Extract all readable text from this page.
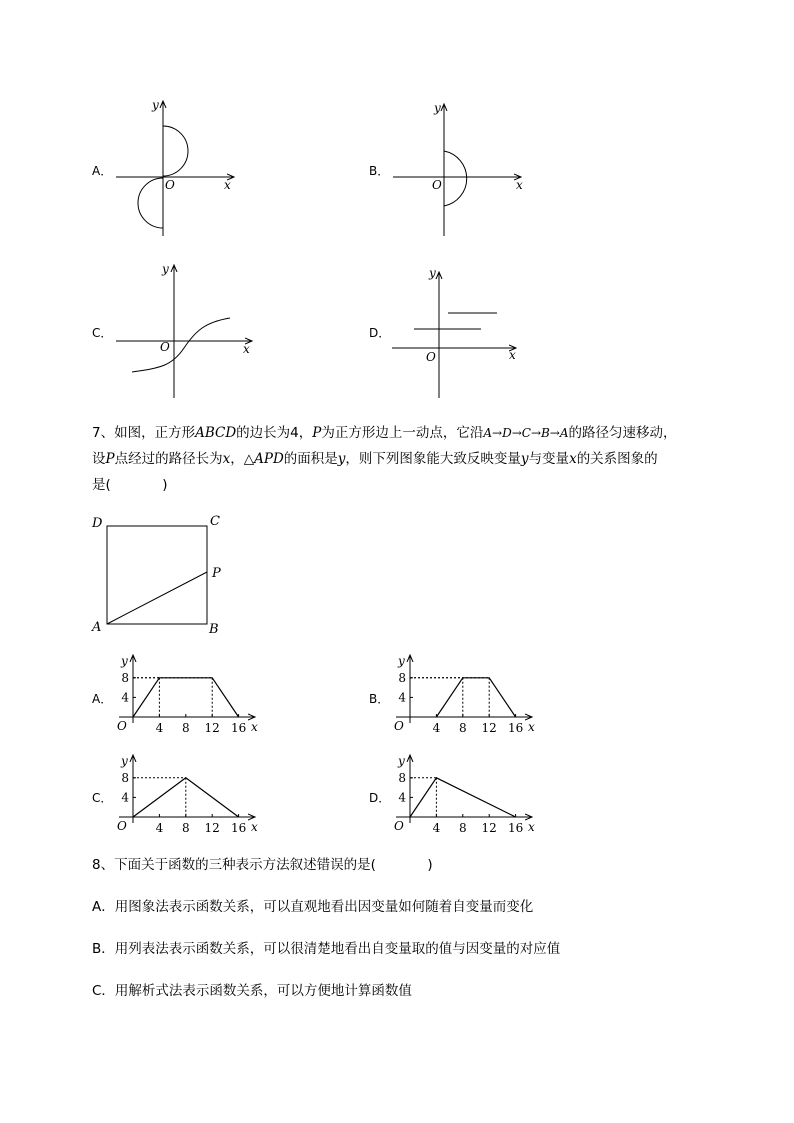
A．
y
x
O
B．
y
x
O
C．
y
x
O
D．
y
x
O
7、如图，正方形ABCD的边长为4，P为正方形边上一动点，它沿A→D→C→B→A的路径匀速移动，
设P点经过的路径长为x，△APD的面积是y，则下列图象能大致反映变量y与变量x的关系图象的
是(            )
D	C
A	B
P
y
x
O 4 8 12 16
4
8
y
x
O 4 8 12 16
4
8
y
x
O 4 8 12 16
4
8
y
x
O 4 8 12 16
4
8
A．	B．
C．	D．
8、下面关于函数的三种表示方法叙述错误的是(            )
A．用图象法表示函数关系，可以直观地看出因变量如何随着自变量而变化
B．用列表法表示函数关系，可以很清楚地看出自变量取的值与因变量的对应值
C．用解析式法表示函数关系，可以方便地计算函数值
